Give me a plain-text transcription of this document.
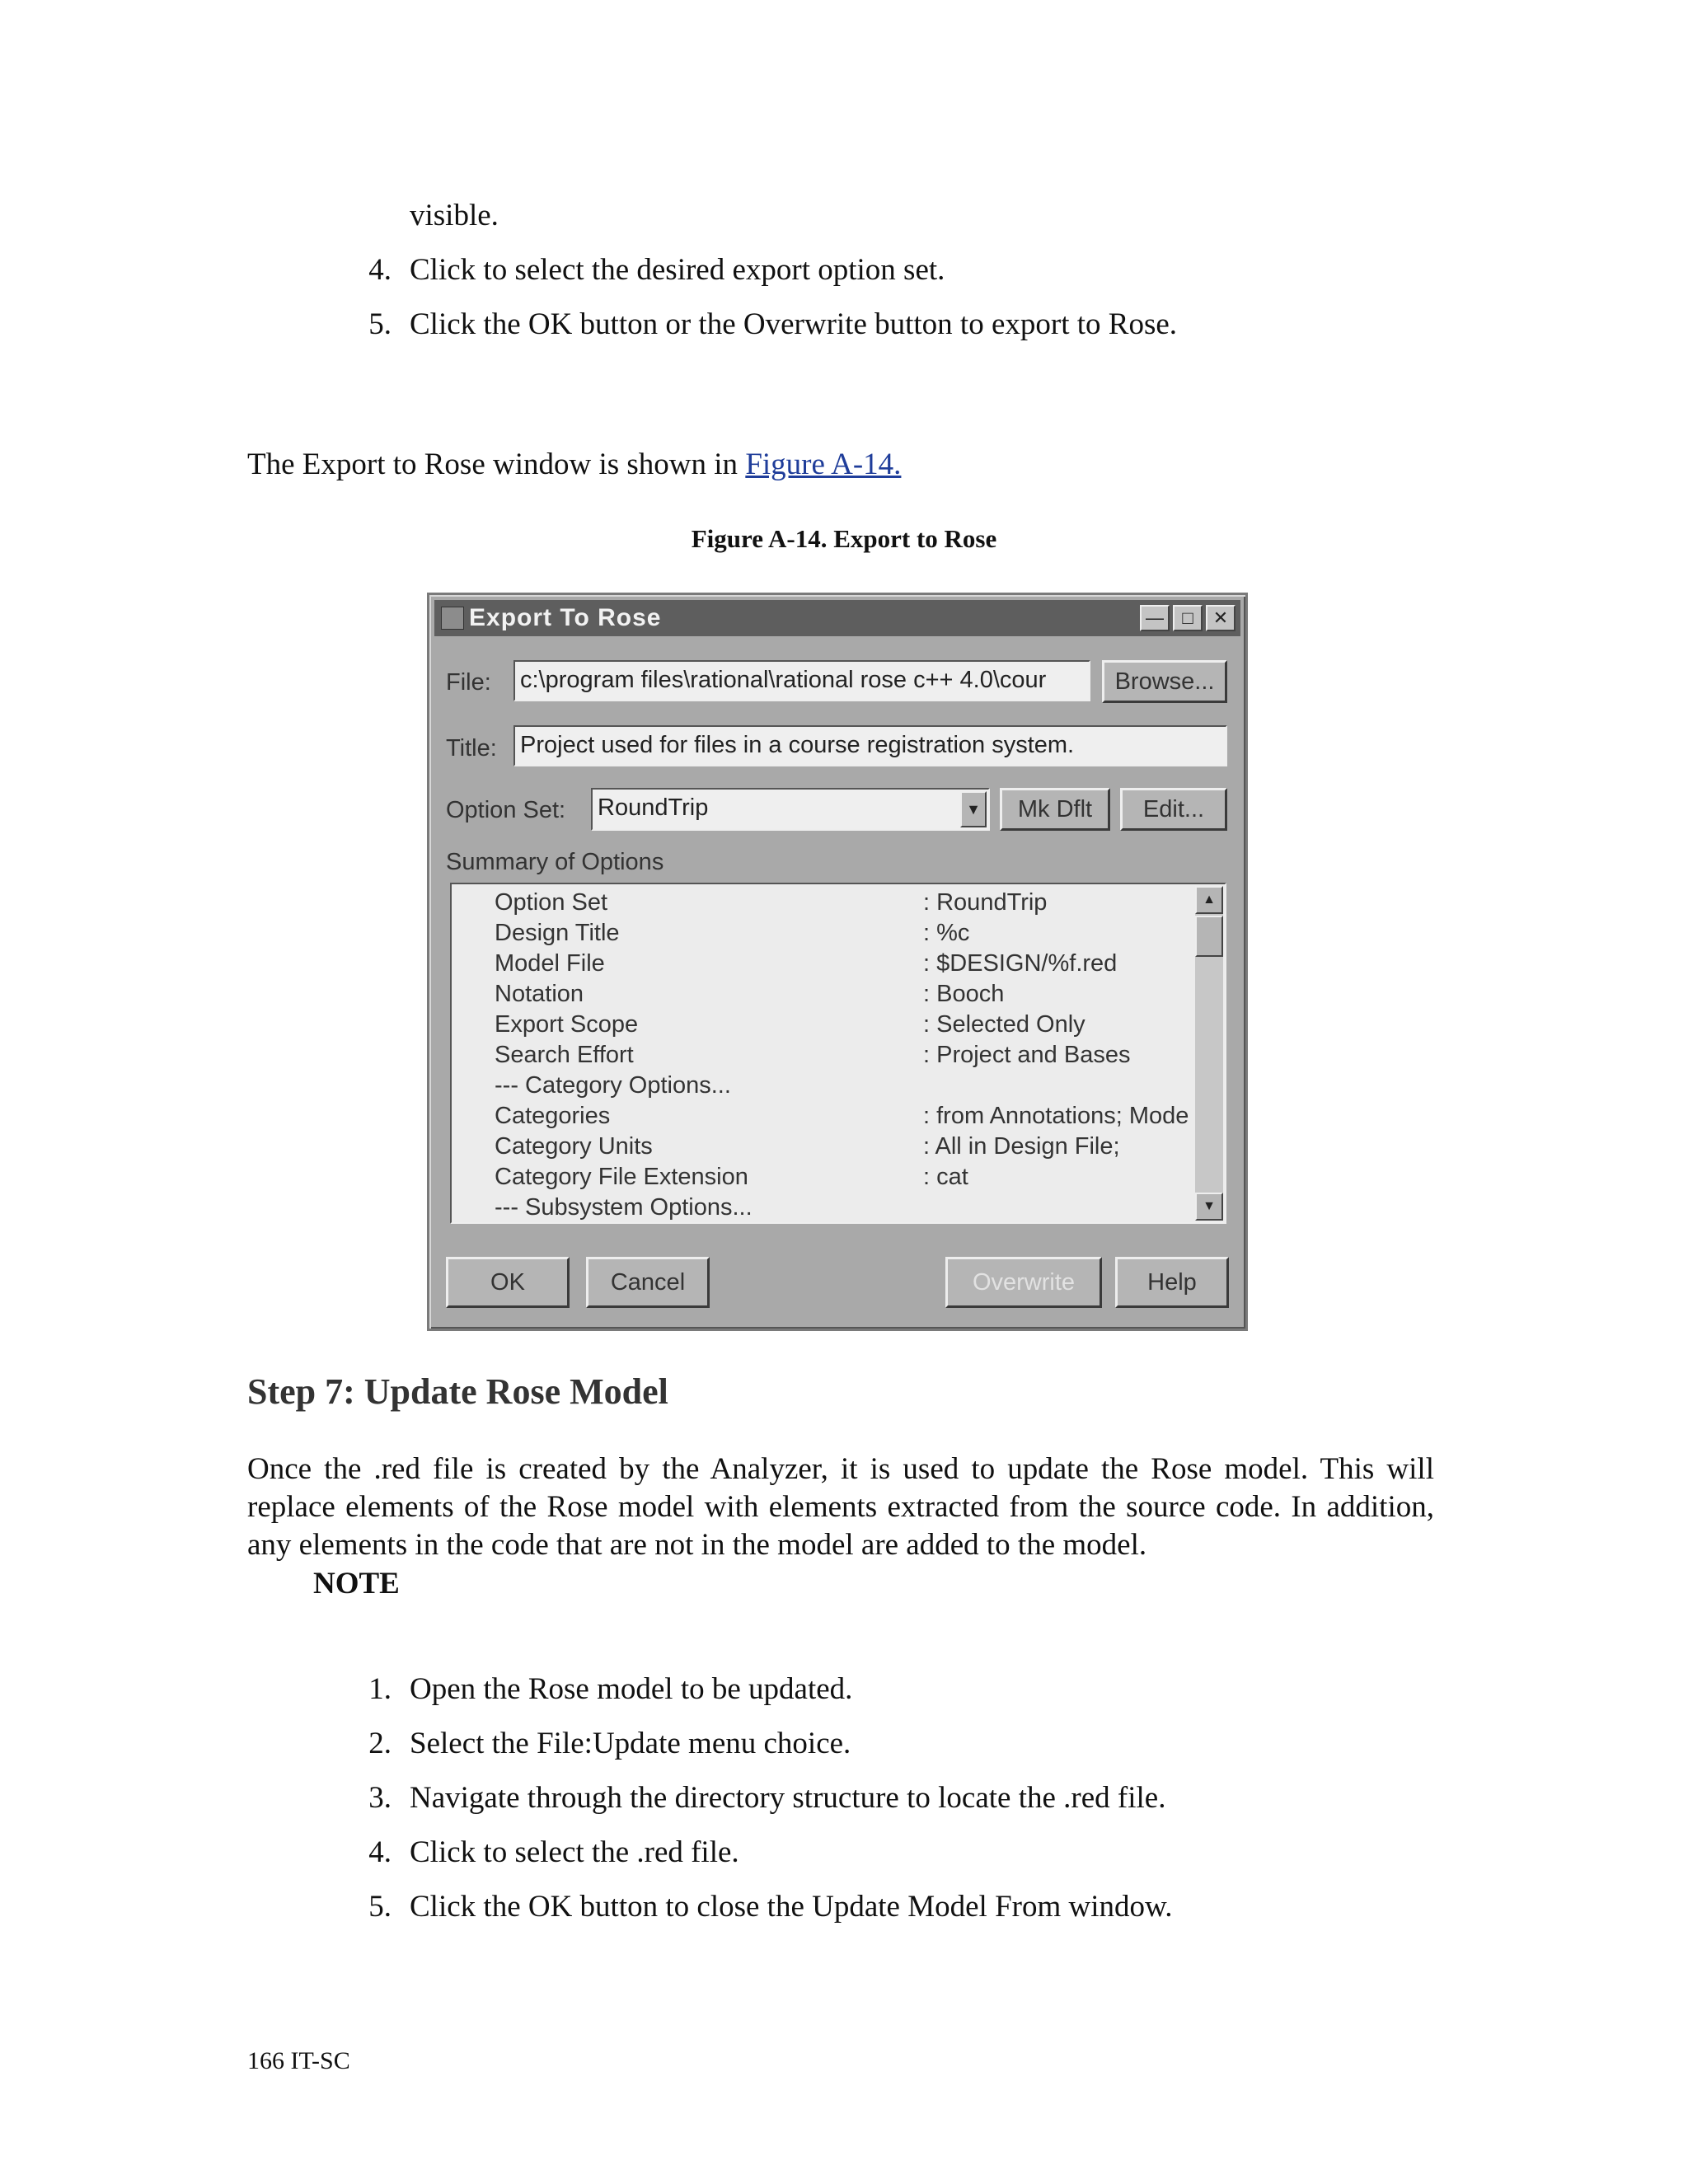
visible.
4. Click to select the desired export option set.
5. Click the OK button or the Overwrite button to export to Rose.
The Export to Rose window is shown in Figure A-14.
Figure A-14. Export to Rose
Export To Rose	—	□	✕
File: c:\program files\rational\rational rose c++ 4.0\cour	Browse...
Title: Project used for files in a course registration system.
Option Set: RoundTrip	▼	Mk Dflt	Edit...
Summary of Options
Option Set	: RoundTrip
Design Title	: %c
Model File	: $DESIGN/%f.red
Notation	: Booch
Export Scope	: Selected Only
Search Effort	: Project and Bases
--- Category Options...
Categories	: from Annotations; Mode
Category Units	: All in Design File;
Category File Extension	: cat
--- Subsystem Options...
▲
▼
OK	Cancel	Overwrite	Help
Step 7: Update Rose Model
Once the .red file is created by the Analyzer, it is used to update the Rose model. This will replace elements of the Rose model with elements extracted from the source code. In addition, any elements in the code that are not in the model are added to the model.
NOTE
1. Open the Rose model to be updated.
2. Select the File:Update menu choice.
3. Navigate through the directory structure to locate the .red file.
4. Click to select the .red file.
5. Click the OK button to close the Update Model From window.
166 IT-SC
